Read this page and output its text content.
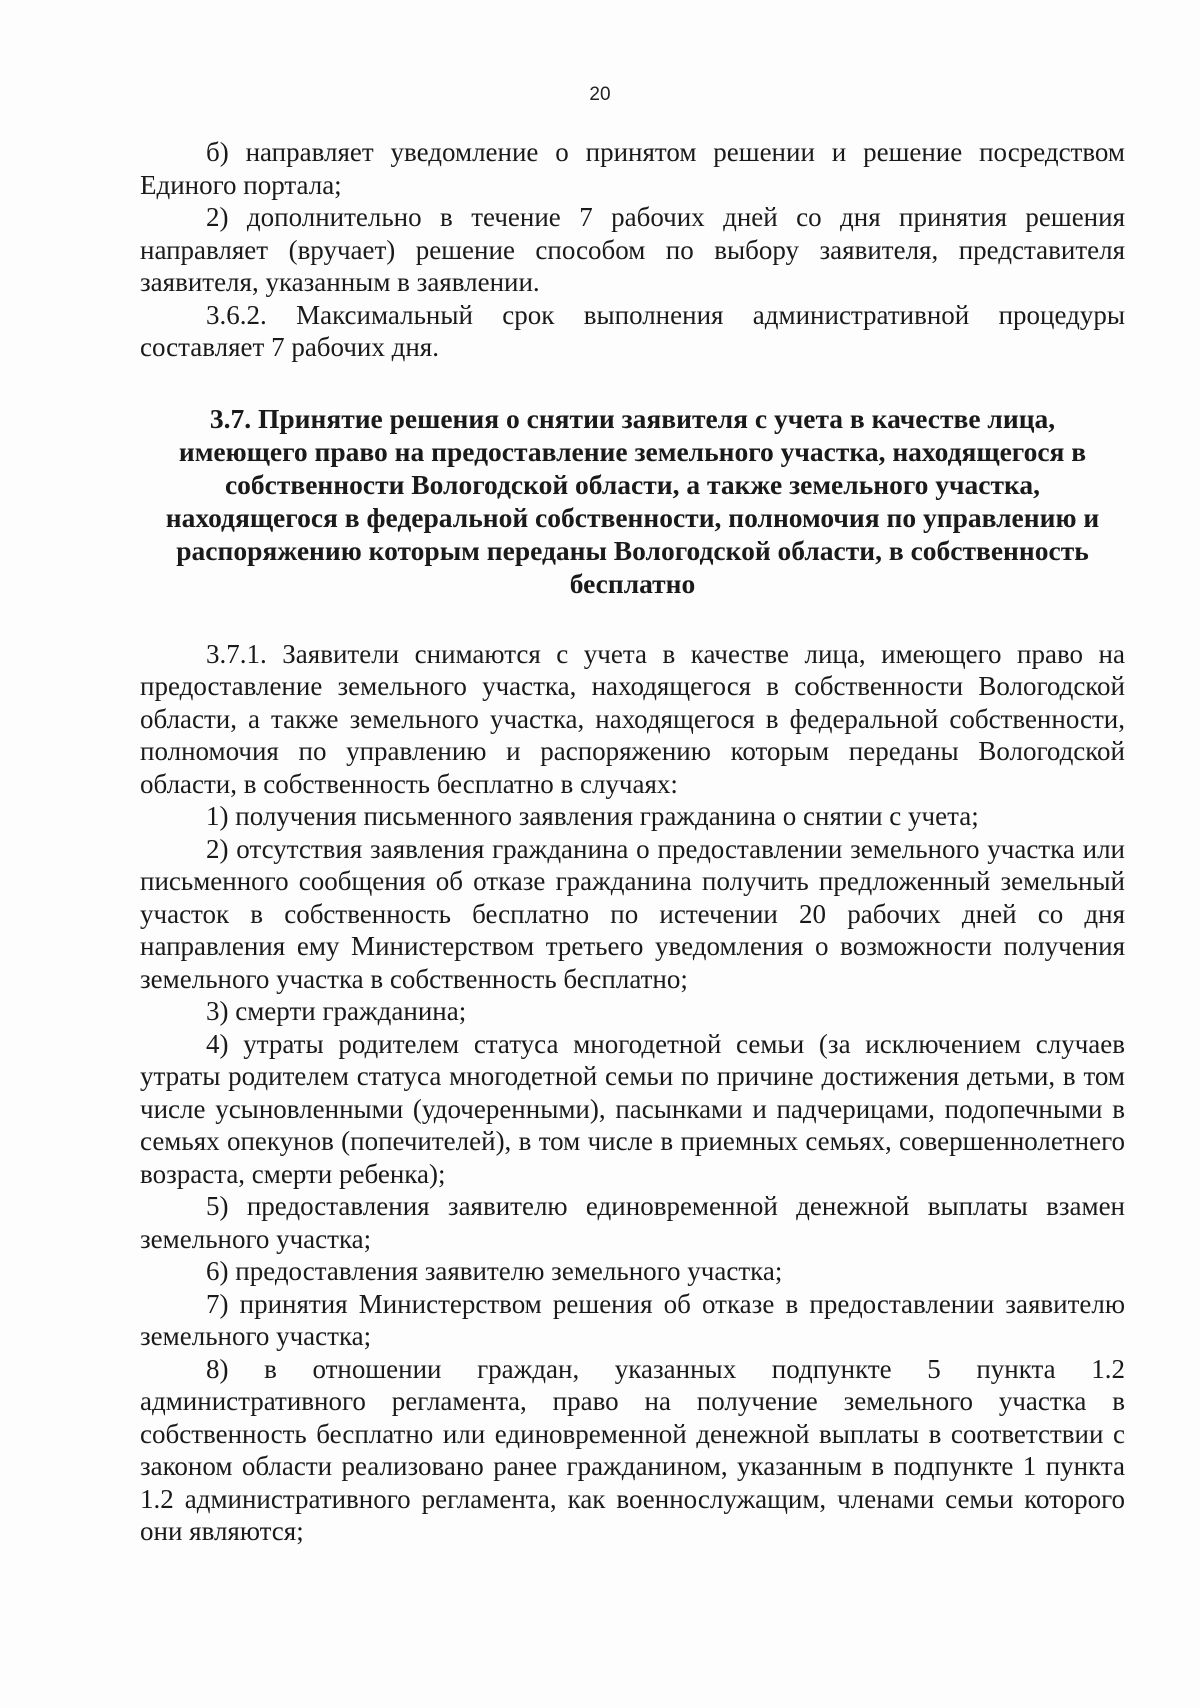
20

б) направляет уведомление о принятом решении и решение посредством Единого портала;

2) дополнительно в течение 7 рабочих дней со дня принятия решения направляет (вручает) решение способом по выбору заявителя, представителя заявителя, указанным в заявлении.

3.6.2. Максимальный срок выполнения административной процедуры составляет 7 рабочих дня.

3.7. Принятие решения о снятии заявителя с учета в качестве лица,
имеющего право на предоставление земельного участка, находящегося в
собственности Вологодской области, а также земельного участка,
находящегося в федеральной собственности, полномочия по управлению и
распоряжению которым переданы Вологодской области, в собственность
бесплатно

3.7.1. Заявители снимаются с учета в качестве лица, имеющего право на предоставление земельного участка, находящегося в собственности Вологодской области, а также земельного участка, находящегося в федеральной собственности, полномочия по управлению и распоряжению которым переданы Вологодской области, в собственность бесплатно в случаях:

1) получения письменного заявления гражданина о снятии с учета;

2) отсутствия заявления гражданина о предоставлении земельного участка или письменного сообщения об отказе гражданина получить предложенный земельный участок в собственность бесплатно по истечении 20 рабочих дней со дня направления ему Министерством третьего уведомления о возможности получения земельного участка в собственность бесплатно;

3) смерти гражданина;

4) утраты родителем статуса многодетной семьи (за исключением случаев утраты родителем статуса многодетной семьи по причине достижения детьми, в том числе усыновленными (удочеренными), пасынками и падчерицами, подопечными в семьях опекунов (попечителей), в том числе в приемных семьях, совершеннолетнего возраста, смерти ребенка);

5) предоставления заявителю единовременной денежной выплаты взамен земельного участка;

6) предоставления заявителю земельного участка;

7) принятия Министерством решения об отказе в предоставлении заявителю земельного участка;

8) в отношении граждан, указанных подпункте 5 пункта 1.2 административного регламента, право на получение земельного участка в собственность бесплатно или единовременной денежной выплаты в соответствии с законом области реализовано ранее гражданином, указанным в подпункте 1 пункта 1.2 административного регламента, как военнослужащим, членами семьи которого они являются;
